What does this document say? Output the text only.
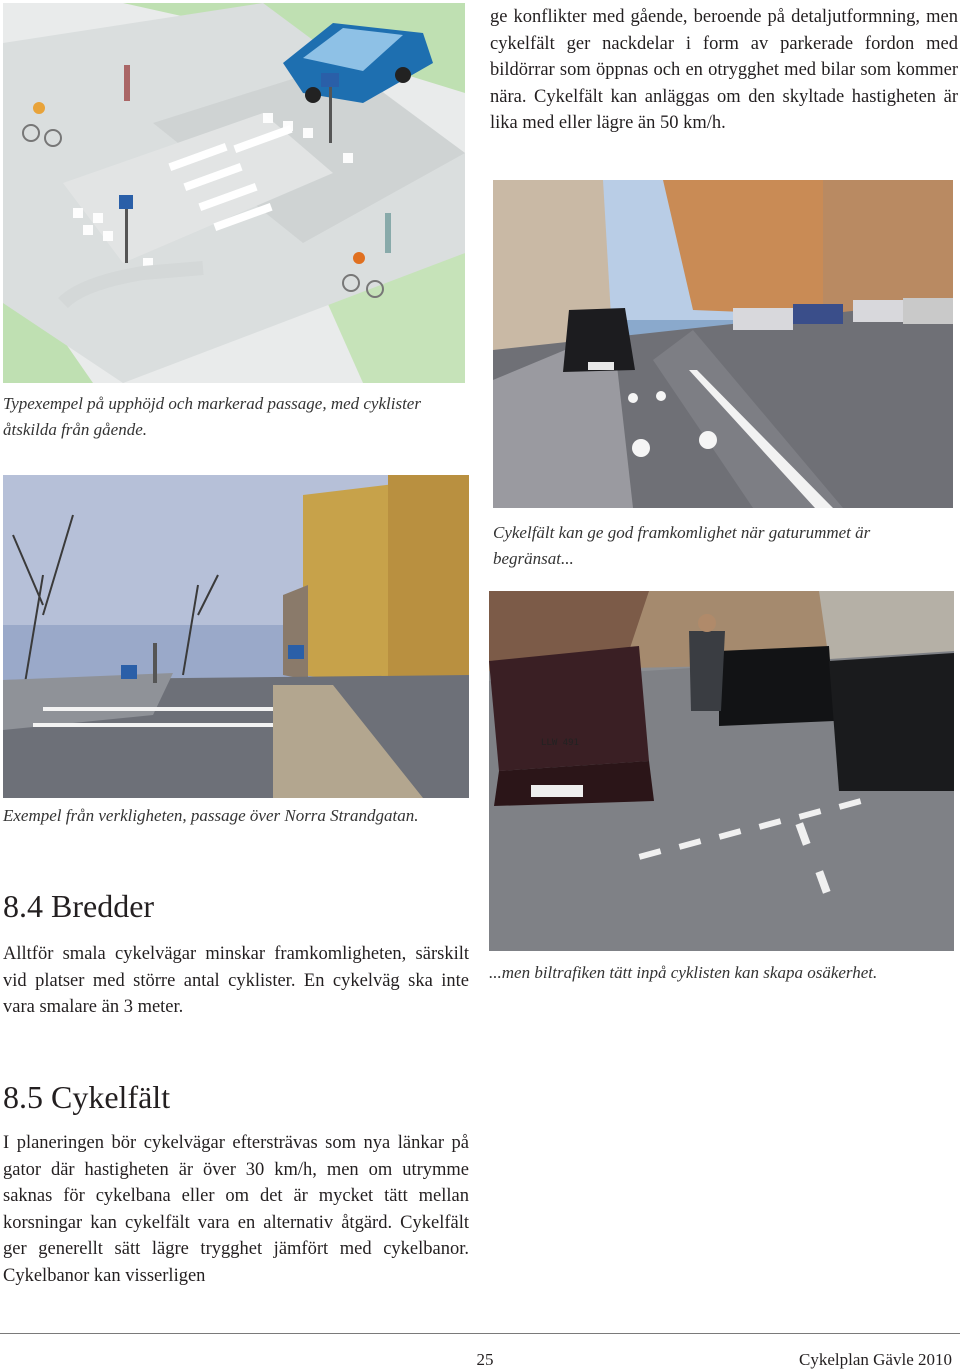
ge konflikter med gående, beroende på detaljutformning, men cykelfält ger nackdelar i form av parkerade fordon med bildörrar som öppnas och en otrygghet med bilar som kommer nära. Cykelfält kan anläggas om den skyltade hastigheten är lika med eller lägre än 50 km/h.
Typexempel på upphöjd och markerad passage, med cyklister åtskilda från gående.
Cykelfält kan ge god framkomlighet när gaturummet är begränsat...
Exempel från verkligheten, passage över Norra Strandgatan.
LLW 491
...men biltrafiken tätt inpå cyklisten kan skapa osäkerhet.
8.4 Bredder
Alltför smala cykelvägar minskar framkomligheten, särskilt vid platser med större antal cyklister. En cykelväg ska inte vara smalare än 3 meter.
8.5 Cykelfält
I planeringen bör cykelvägar eftersträvas som nya länkar på gator där hastigheten är över 30 km/h, men om utrymme saknas för cykelbana eller om det är mycket tätt mellan korsningar kan cykelfält vara en alternativ åtgärd. Cykelfält ger generellt sätt lägre trygghet jämfört med cykelbanor. Cykelbanor kan visserligen
25	Cykelplan Gävle 2010
